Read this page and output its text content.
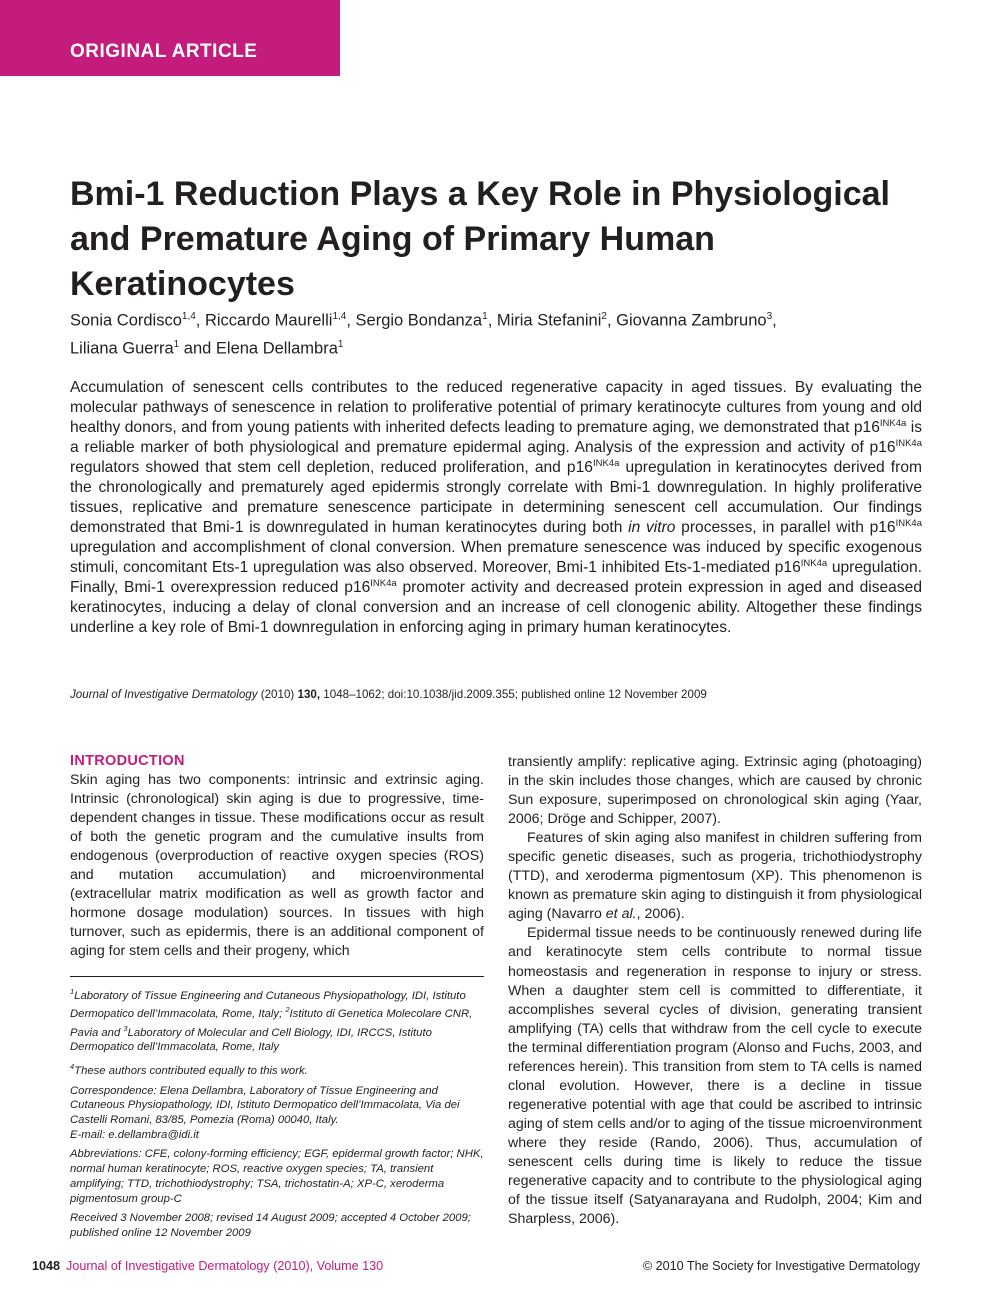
ORIGINAL ARTICLE
Bmi-1 Reduction Plays a Key Role in Physiological and Premature Aging of Primary Human Keratinocytes
Sonia Cordisco$^{1,4}$, Riccardo Maurelli$^{1,4}$, Sergio Bondanza$^1$, Miria Stefanini$^2$, Giovanna Zambruno$^3$,
Liliana Guerra$^1$ and Elena Dellambra$^1$
Accumulation of senescent cells contributes to the reduced regenerative capacity in aged tissues. By evaluating the molecular pathways of senescence in relation to proliferative potential of primary keratinocyte cultures from young and old healthy donors, and from young patients with inherited defects leading to premature aging, we demonstrated that $p16^{INK4a}$ is a reliable marker of both physiological and premature epidermal aging. Analysis of the expression and activity of $p16^{INK4a}$ regulators showed that stem cell depletion, reduced proliferation, and $p16^{INK4a}$ upregulation in keratinocytes derived from the chronologically and prematurely aged epidermis strongly correlate with Bmi-1 downregulation. In highly proliferative tissues, replicative and premature senescence participate in determining senescent cell accumulation. Our findings demonstrated that Bmi-1 is downregulated in human keratinocytes during both in vitro processes, in parallel with $p16^{INK4a}$ upregulation and accomplishment of clonal conversion. When premature senescence was induced by specific exogenous stimuli, concomitant Ets-1 upregulation was also observed. Moreover, Bmi-1 inhibited Ets-1-mediated $p16^{INK4a}$ upregulation. Finally, Bmi-1 overexpression reduced $p16^{INK4a}$ promoter activity and decreased protein expression in aged and diseased keratinocytes, inducing a delay of clonal conversion and an increase of cell clonogenic ability. Altogether these findings underline a key role of Bmi-1 downregulation in enforcing aging in primary human keratinocytes.
Journal of Investigative Dermatology (2010) 130, 1048–1062; doi:10.1038/jid.2009.355; published online 12 November 2009
INTRODUCTION

Skin aging has two components: intrinsic and extrinsic aging. Intrinsic (chronological) skin aging is due to progressive, time-dependent changes in tissue. These modifications occur as result of both the genetic program and the cumulative insults from endogenous (overproduction of reactive oxygen species (ROS) and mutation accumulation) and microenvironmental (extracellular matrix modification as well as growth factor and hormone dosage modulation) sources. In tissues with high turnover, such as epidermis, there is an additional component of aging for stem cells and their progeny, which

$^1$Laboratory of Tissue Engineering and Cutaneous Physiopathology, IDI, Istituto Dermopatico dell’Immacolata, Rome, Italy; $^2$Istituto di Genetica Molecolare CNR, Pavia and $^3$Laboratory of Molecular and Cell Biology, IDI, IRCCS, Istituto Dermopatico dell’Immacolata, Rome, Italy

$^4$These authors contributed equally to this work.

Correspondence: Elena Dellambra, Laboratory of Tissue Engineering and Cutaneous Physiopathology, IDI, Istituto Dermopatico dell’Immacolata, Via dei Castelli Romani, 83/85, Pomezia (Roma) 00040, Italy.
E-mail: e.dellambra@idi.it

Abbreviations: CFE, colony-forming efficiency; EGF, epidermal growth factor; NHK, normal human keratinocyte; ROS, reactive oxygen species; TA, transient amplifying; TTD, trichothiodystrophy; TSA, trichostatin-A; XP-C, xeroderma pigmentosum group-C

Received 3 November 2008; revised 14 August 2009; accepted 4 October 2009; published online 12 November 2009

transiently amplify: replicative aging. Extrinsic aging (photoaging) in the skin includes those changes, which are caused by chronic Sun exposure, superimposed on chronological skin aging (Yaar, 2006; Dröge and Schipper, 2007).

Features of skin aging also manifest in children suffering from specific genetic diseases, such as progeria, trichothiodystrophy (TTD), and xeroderma pigmentosum (XP). This phenomenon is known as premature skin aging to distinguish it from physiological aging (Navarro et al., 2006).

Epidermal tissue needs to be continuously renewed during life and keratinocyte stem cells contribute to normal tissue homeostasis and regeneration in response to injury or stress. When a daughter stem cell is committed to differentiate, it accomplishes several cycles of division, generating transient amplifying (TA) cells that withdraw from the cell cycle to execute the terminal differentiation program (Alonso and Fuchs, 2003, and references herein). This transition from stem to TA cells is named clonal evolution. However, there is a decline in tissue regenerative potential with age that could be ascribed to intrinsic aging of stem cells and/or to aging of the tissue microenvironment where they reside (Rando, 2006). Thus, accumulation of senescent cells during time is likely to reduce the tissue regenerative capacity and to contribute to the physiological aging of the tissue itself (Satyanarayana and Rudolph, 2004; Kim and Sharpless, 2006).

1048 Journal of Investigative Dermatology (2010), Volume 130	© 2010 The Society for Investigative Dermatology
